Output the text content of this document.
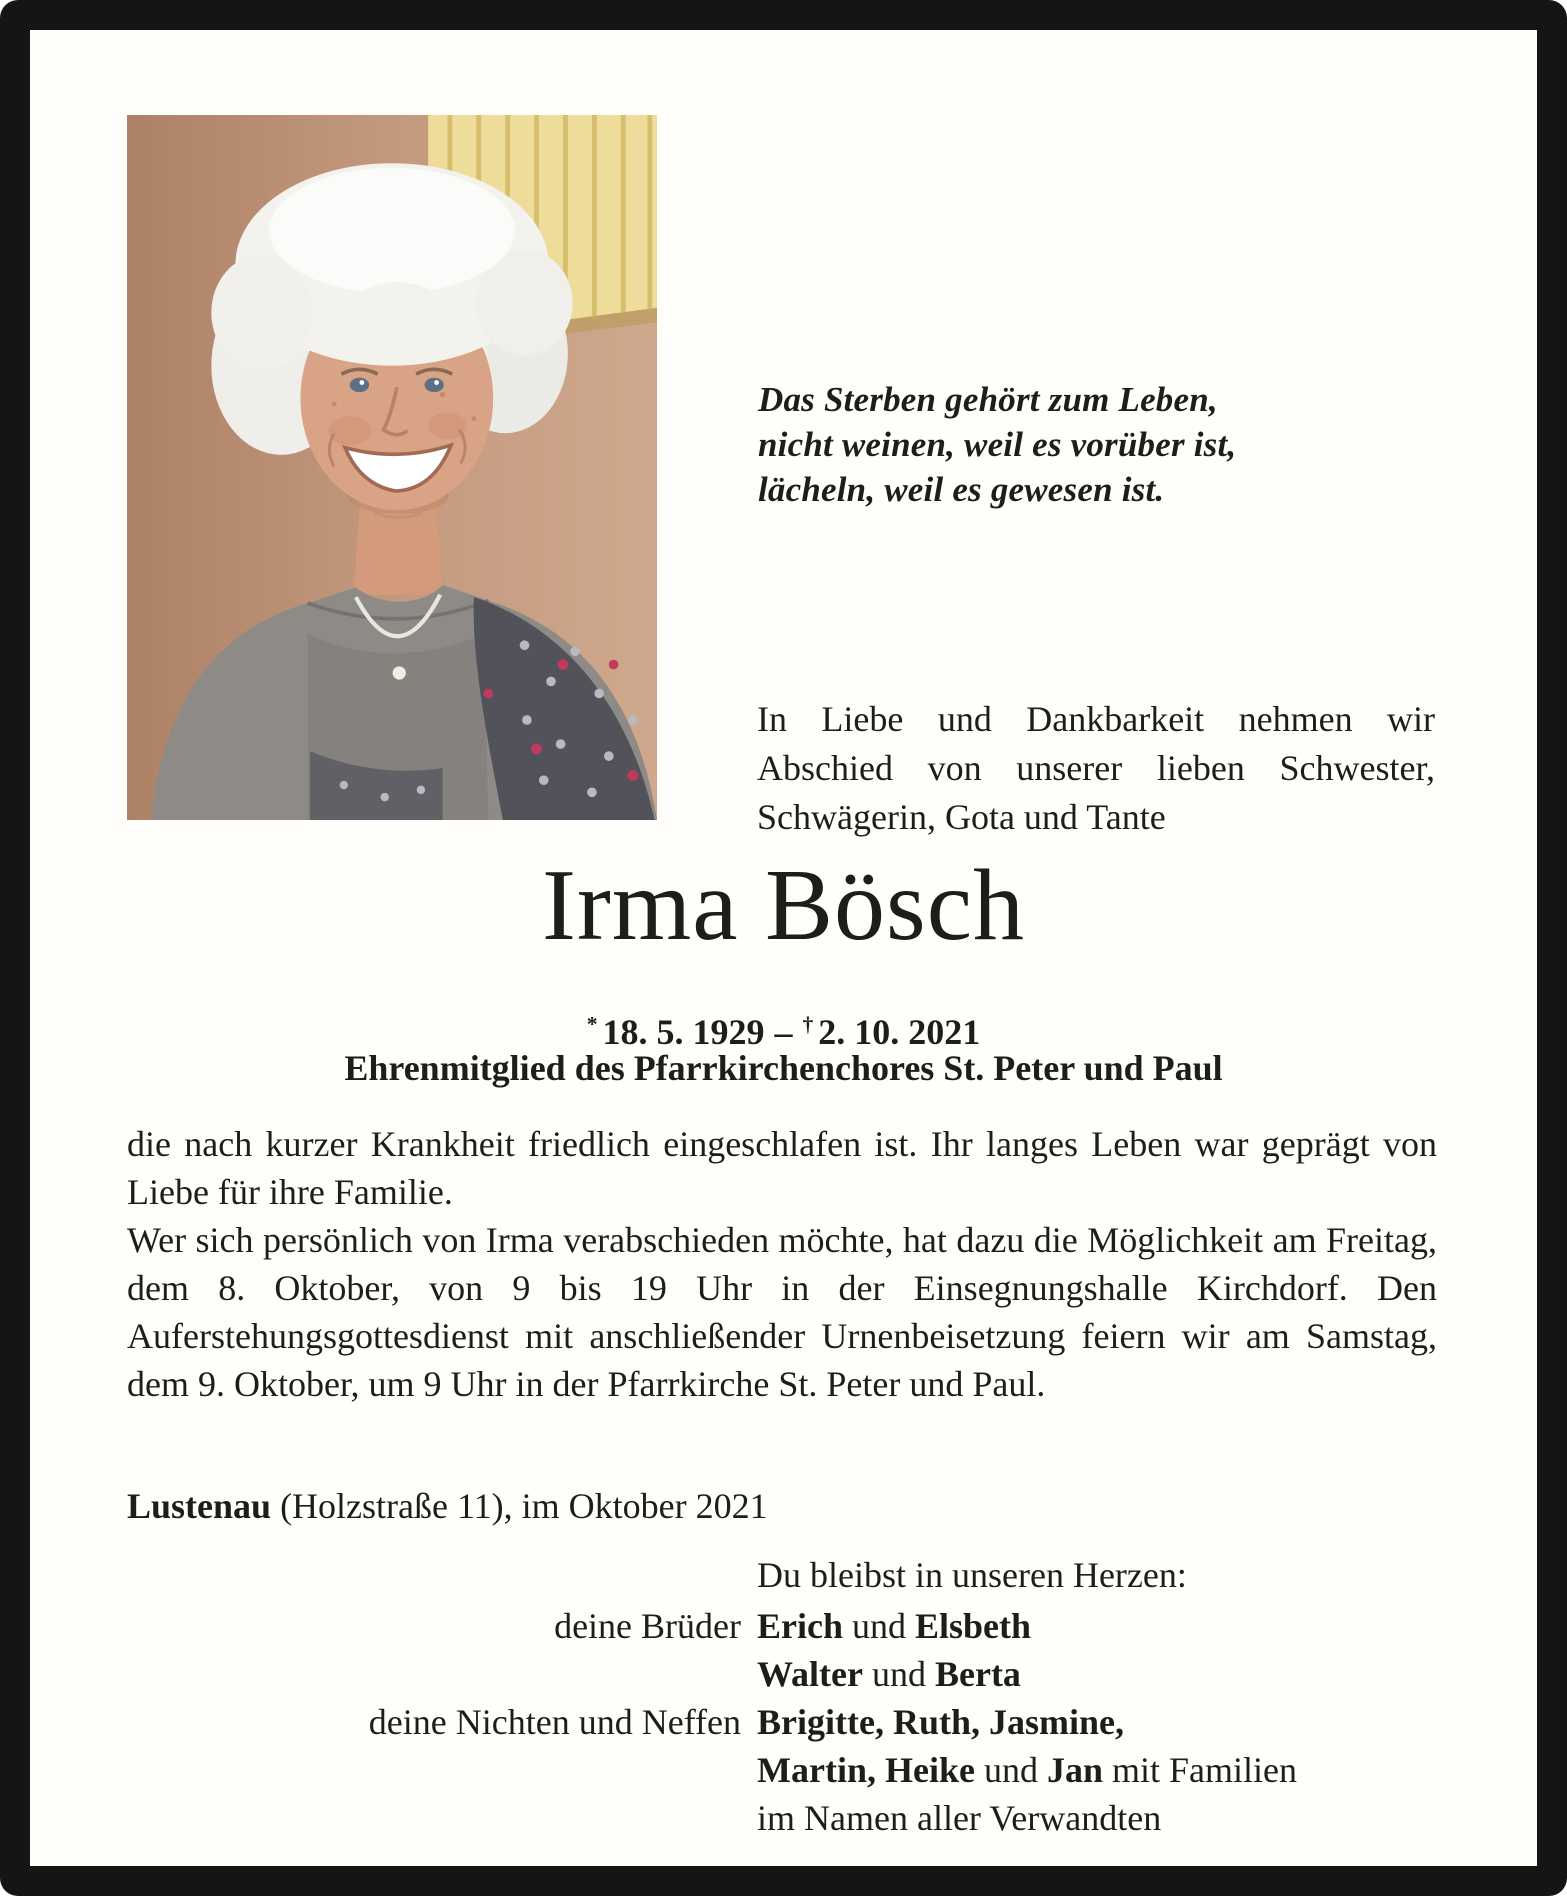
Das Sterben gehört zum Leben,
nicht weinen, weil es vorüber ist,
lächeln, weil es gewesen ist.

In Liebe und Dankbarkeit nehmen wir Abschied von unserer lieben Schwester, Schwägerin, Gota und Tante

Irma Bösch
* 18. 5. 1929 – † 2. 10. 2021
Ehrenmitglied des Pfarrkirchenchores St. Peter und Paul

die nach kurzer Krankheit friedlich eingeschlafen ist. Ihr langes Leben war geprägt von Liebe für ihre Familie.

Wer sich persönlich von Irma verabschieden möchte, hat dazu die Möglichkeit am Freitag, dem 8. Oktober, von 9 bis 19 Uhr in der Einsegnungshalle Kirchdorf. Den Auferstehungsgottesdienst mit anschließender Urnenbeisetzung feiern wir am Samstag, dem 9. Oktober, um 9 Uhr in der Pfarrkirche St. Peter und Paul.

Lustenau (Holzstraße 11), im Oktober 2021
Du bleibst in unseren Herzen:
deine Brüder Erich und Elsbeth
Walter und Berta
deine Nichten und Neffen Brigitte, Ruth, Jasmine,
Martin, Heike und Jan mit Familien
im Namen aller Verwandten
